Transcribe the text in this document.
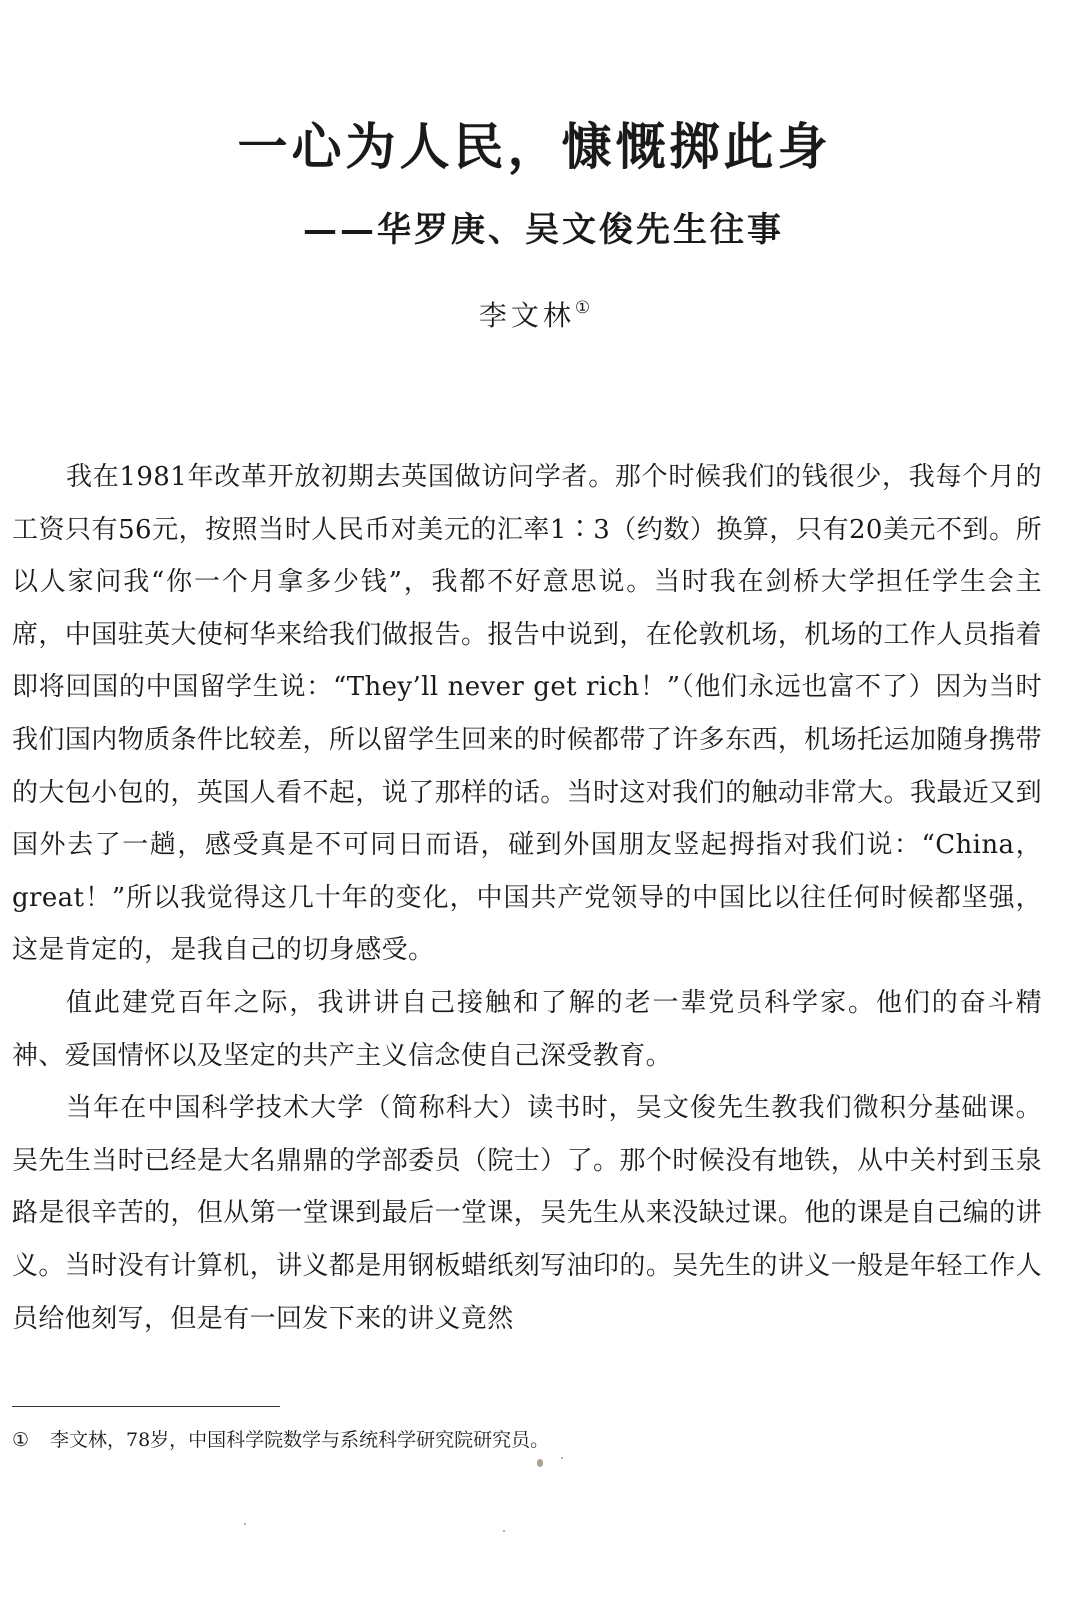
一心为人民，慷慨掷此身
——华罗庚、吴文俊先生往事
李文林①

我在1981年改革开放初期去英国做访问学者。那个时候我们的钱很少，我每个月的工资只有56元，按照当时人民币对美元的汇率1∶3（约数）换算，只有20美元不到。所以人家问我“你一个月拿多少钱”，我都不好意思说。当时我在剑桥大学担任学生会主席，中国驻英大使柯华来给我们做报告。报告中说到，在伦敦机场，机场的工作人员指着即将回国的中国留学生说：“They’ll never get rich！”（他们永远也富不了）因为当时我们国内物质条件比较差，所以留学生回来的时候都带了许多东西，机场托运加随身携带的大包小包的，英国人看不起，说了那样的话。当时这对我们的触动非常大。我最近又到国外去了一趟，感受真是不可同日而语，碰到外国朋友竖起拇指对我们说：“China，great！”所以我觉得这几十年的变化，中国共产党领导的中国比以往任何时候都坚强，这是肯定的，是我自己的切身感受。

值此建党百年之际，我讲讲自己接触和了解的老一辈党员科学家。他们的奋斗精神、爱国情怀以及坚定的共产主义信念使自己深受教育。

当年在中国科学技术大学（简称科大）读书时，吴文俊先生教我们微积分基础课。吴先生当时已经是大名鼎鼎的学部委员（院士）了。那个时候没有地铁，从中关村到玉泉路是很辛苦的，但从第一堂课到最后一堂课，吴先生从来没缺过课。他的课是自己编的讲义。当时没有计算机，讲义都是用钢板蜡纸刻写油印的。吴先生的讲义一般是年轻工作人员给他刻写，但是有一回发下来的讲义竟然

① 李文林，78岁，中国科学院数学与系统科学研究院研究员。
